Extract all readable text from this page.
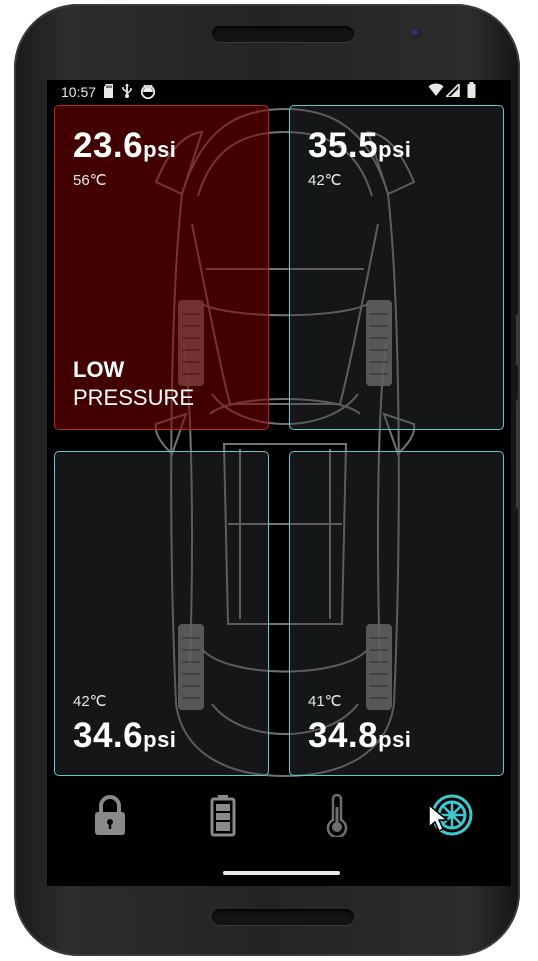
10:57
23.6psi
56℃
LOW
PRESSURE
35.5psi
42℃
42℃
34.6psi
41℃
34.8psi
